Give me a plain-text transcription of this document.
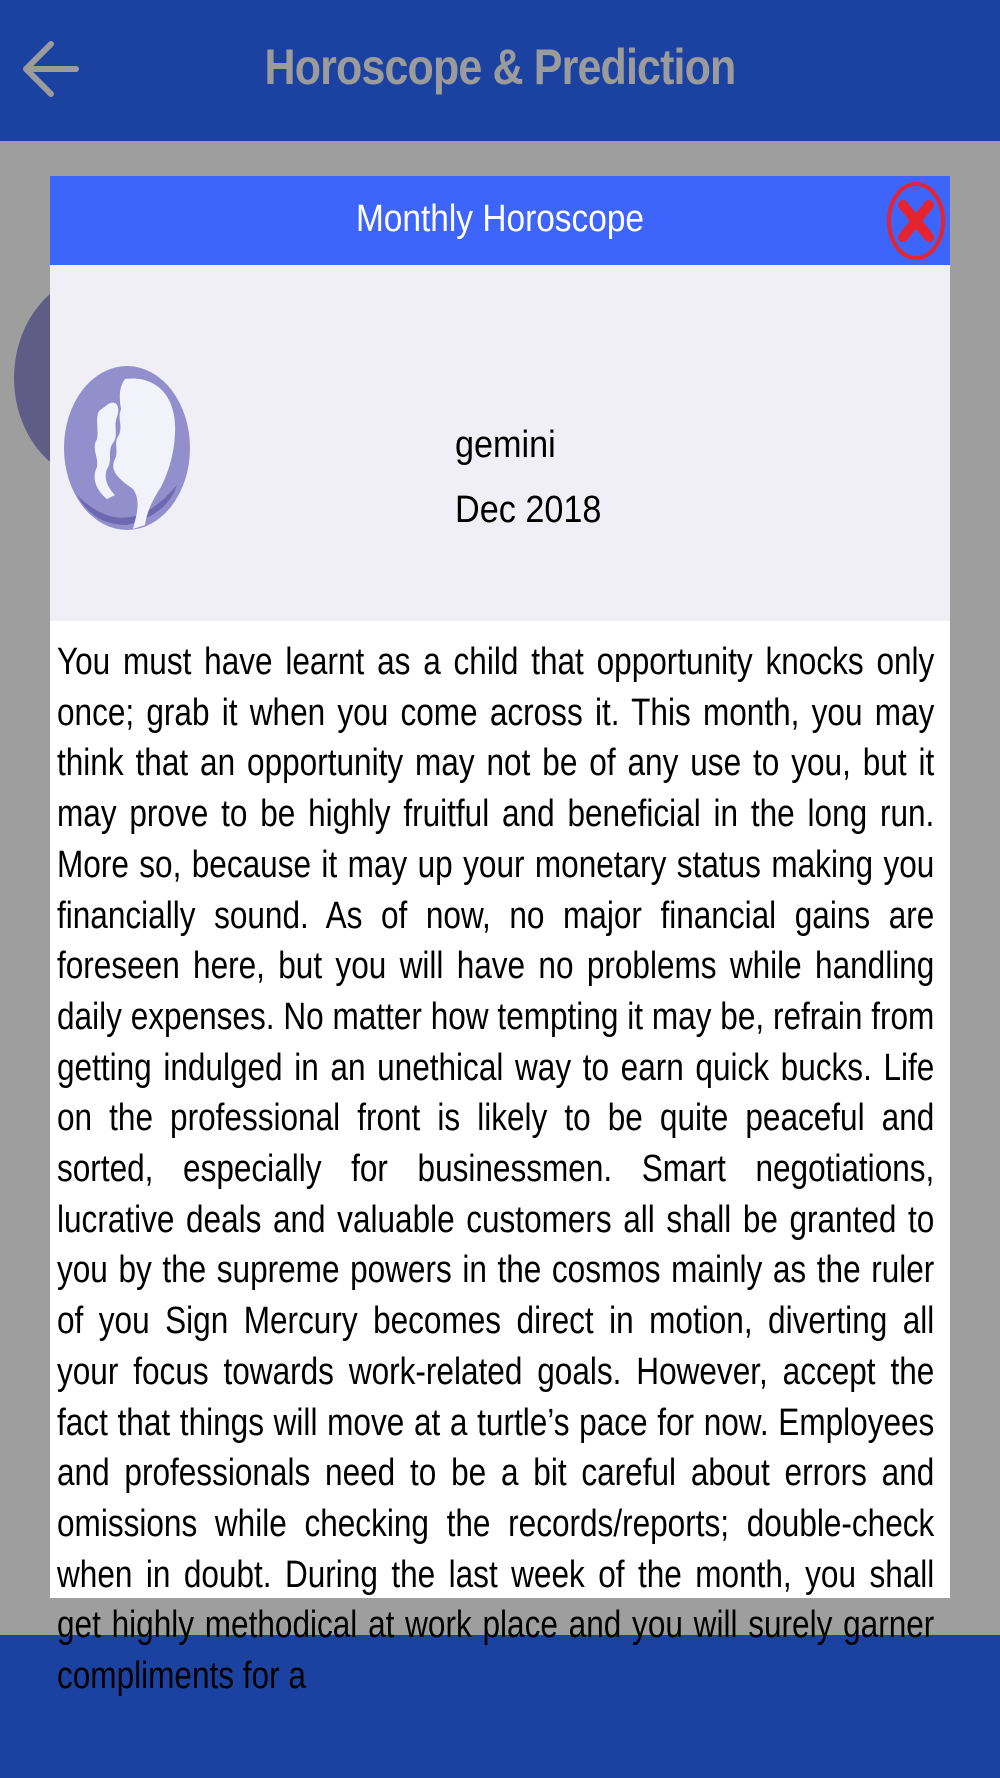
Horoscope & Prediction
Monthly Horoscope
gemini
Dec 2018

You must have learnt as a child that opportunity knocks only once; grab it when you come across it. This month, you may think that an opportunity may not be of any use to you, but it may prove to be highly fruitful and beneficial in the long run. More so, because it may up your monetary status making you financially sound. As of now, no major financial gains are foreseen here, but you will have no problems while handling daily expenses. No matter how tempting it may be, refrain from getting indulged in an unethical way to earn quick bucks. Life on the professional front is likely to be quite peaceful and sorted, especially for businessmen. Smart negotiations, lucrative deals and valuable customers all shall be granted to you by the supreme powers in the cosmos mainly as the ruler of you Sign Mercury becomes direct in motion, diverting all your focus towards work-related goals. However, accept the fact that things will move at a turtle’s pace for now. Employees and professionals need to be a bit careful about errors and omissions while checking the records/reports; double-check when in doubt. During the last week of the month, you shall get highly methodical at work place and you will surely garner compliments for a
